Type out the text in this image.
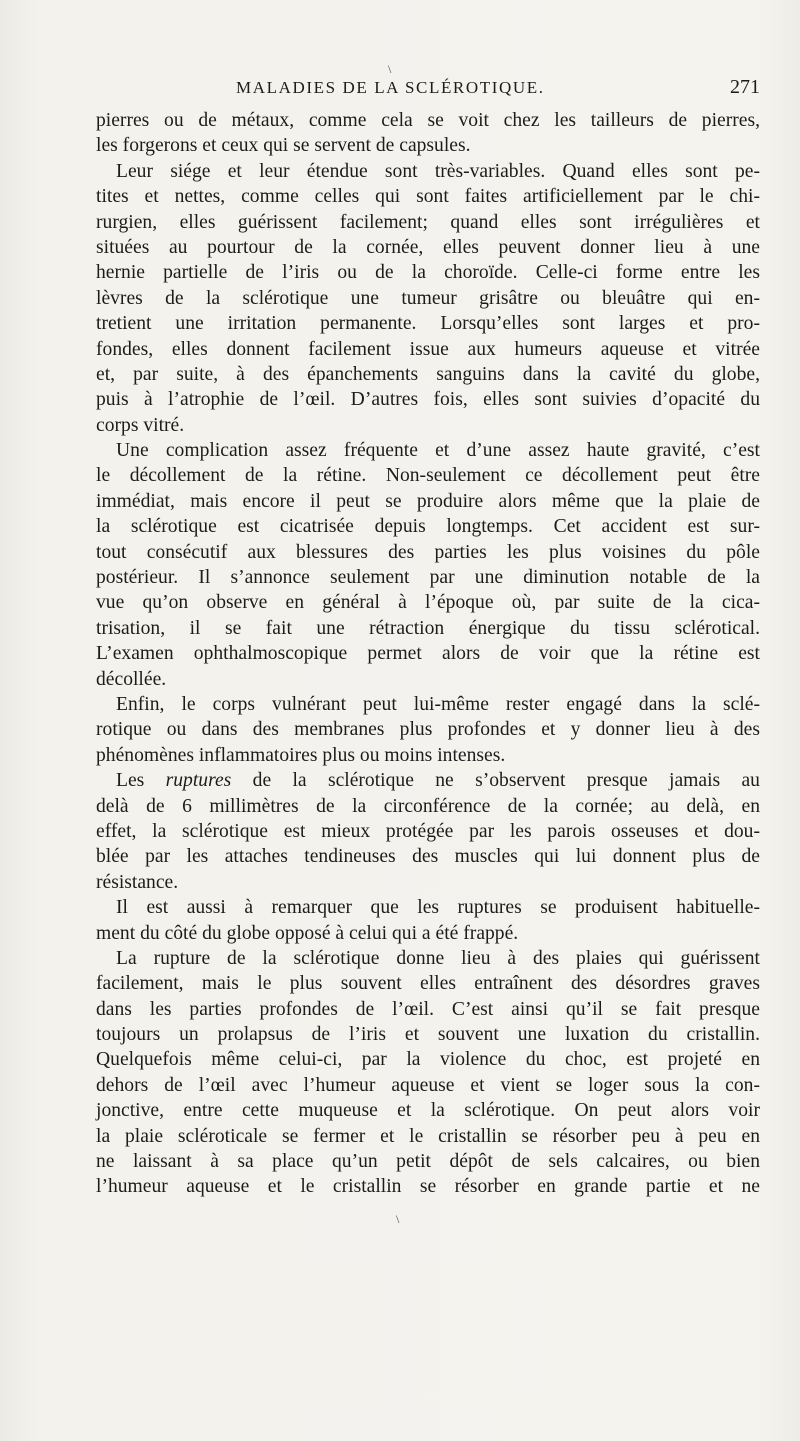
\
MALADIES DE LA SCLÉROTIQUE.	271
pierres ou de métaux, comme cela se voit chez les tailleurs de pierres,
les forgerons et ceux qui se servent de capsules.
Leur siége et leur étendue sont très-variables. Quand elles sont pe-
tites et nettes, comme celles qui sont faites artificiellement par le chi-
rurgien, elles guérissent facilement; quand elles sont irrégulières et
situées au pourtour de la cornée, elles peuvent donner lieu à une
hernie partielle de l’iris ou de la choroïde. Celle-ci forme entre les
lèvres de la sclérotique une tumeur grisâtre ou bleuâtre qui en-
tretient une irritation permanente. Lorsqu’elles sont larges et pro-
fondes, elles donnent facilement issue aux humeurs aqueuse et vitrée
et, par suite, à des épanchements sanguins dans la cavité du globe,
puis à l’atrophie de l’œil. D’autres fois, elles sont suivies d’opacité du
corps vitré.
Une complication assez fréquente et d’une assez haute gravité, c’est
le décollement de la rétine. Non-seulement ce décollement peut être
immédiat, mais encore il peut se produire alors même que la plaie de
la sclérotique est cicatrisée depuis longtemps. Cet accident est sur-
tout consécutif aux blessures des parties les plus voisines du pôle
postérieur. Il s’annonce seulement par une diminution notable de la
vue qu’on observe en général à l’époque où, par suite de la cica-
trisation, il se fait une rétraction énergique du tissu sclérotical.
L’examen ophthalmoscopique permet alors de voir que la rétine est
décollée.
Enfin, le corps vulnérant peut lui-même rester engagé dans la sclé-
rotique ou dans des membranes plus profondes et y donner lieu à des
phénomènes inflammatoires plus ou moins intenses.
Les ruptures de la sclérotique ne s’observent presque jamais au
delà de 6 millimètres de la circonférence de la cornée; au delà, en
effet, la sclérotique est mieux protégée par les parois osseuses et dou-
blée par les attaches tendineuses des muscles qui lui donnent plus de
résistance.
Il est aussi à remarquer que les ruptures se produisent habituelle-
ment du côté du globe opposé à celui qui a été frappé.
La rupture de la sclérotique donne lieu à des plaies qui guérissent
facilement, mais le plus souvent elles entraînent des désordres graves
dans les parties profondes de l’œil. C’est ainsi qu’il se fait presque
toujours un prolapsus de l’iris et souvent une luxation du cristallin.
Quelquefois même celui-ci, par la violence du choc, est projeté en
dehors de l’œil avec l’humeur aqueuse et vient se loger sous la con-
jonctive, entre cette muqueuse et la sclérotique. On peut alors voir
la plaie scléroticale se fermer et le cristallin se résorber peu à peu en
ne laissant à sa place qu’un petit dépôt de sels calcaires, ou bien
l’humeur aqueuse et le cristallin se résorber en grande partie et ne
\
